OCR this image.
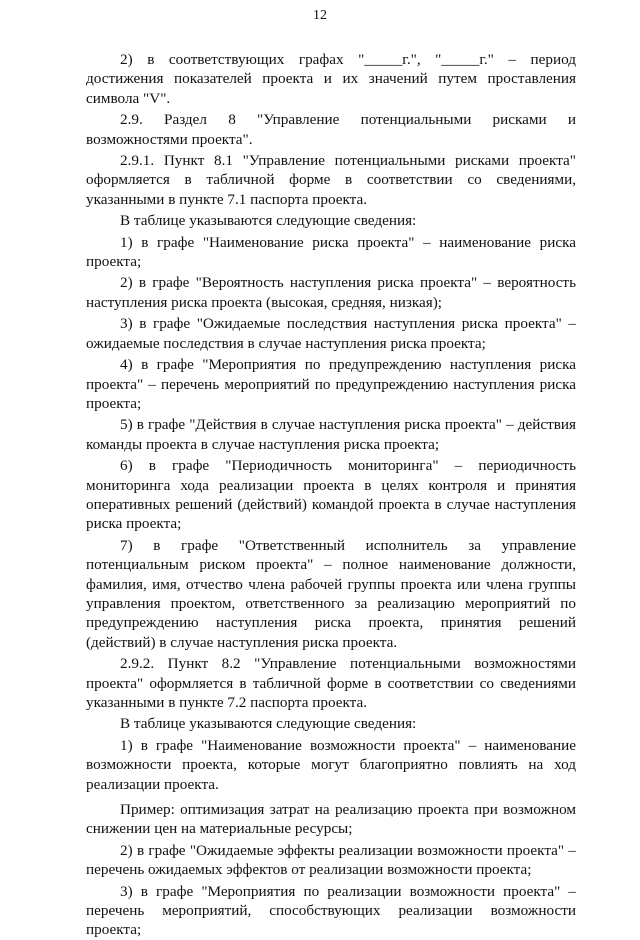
12

2) в соответствующих графах "_____г.", "_____г." – период достижения показателей проекта и их значений путем проставления символа "V".

2.9. Раздел 8 "Управление потенциальными рисками и возможностями проекта".

2.9.1. Пункт 8.1 "Управление потенциальными рисками проекта" оформляется в табличной форме в соответствии со сведениями, указанными в пункте 7.1 паспорта проекта.

В таблице указываются следующие сведения:

1) в графе "Наименование риска проекта" – наименование риска проекта;

2) в графе "Вероятность наступления риска проекта" – вероятность наступления риска проекта (высокая, средняя, низкая);

3) в графе "Ожидаемые последствия наступления риска проекта" – ожидаемые последствия в случае наступления риска проекта;

4) в графе "Мероприятия по предупреждению наступления риска проекта" – перечень мероприятий по предупреждению наступления риска проекта;

5) в графе "Действия в случае наступления риска проекта" – действия команды проекта в случае наступления риска проекта;

6) в графе "Периодичность мониторинга" – периодичность мониторинга хода реализации проекта в целях контроля и принятия оперативных решений (действий) командой проекта в случае наступления риска проекта;

7) в графе "Ответственный исполнитель за управление потенциальным риском проекта" – полное наименование должности, фамилия, имя, отчество члена рабочей группы проекта или члена группы управления проектом, ответственного за реализацию мероприятий по предупреждению наступления риска проекта, принятия решений (действий) в случае наступления риска проекта.

2.9.2. Пункт 8.2 "Управление потенциальными возможностями проекта" оформляется в табличной форме в соответствии со сведениями указанными в пункте 7.2 паспорта проекта.

В таблице указываются следующие сведения:

1) в графе "Наименование возможности проекта" – наименование возможности проекта, которые могут благоприятно повлиять на ход реализации проекта.

Пример: оптимизация затрат на реализацию проекта при возможном снижении цен на материальные ресурсы;

2) в графе "Ожидаемые эффекты реализации возможности проекта" – перечень ожидаемых эффектов от реализации возможности проекта;

3) в графе "Мероприятия по реализации возможности проекта" – перечень мероприятий, способствующих реализации возможности проекта;
